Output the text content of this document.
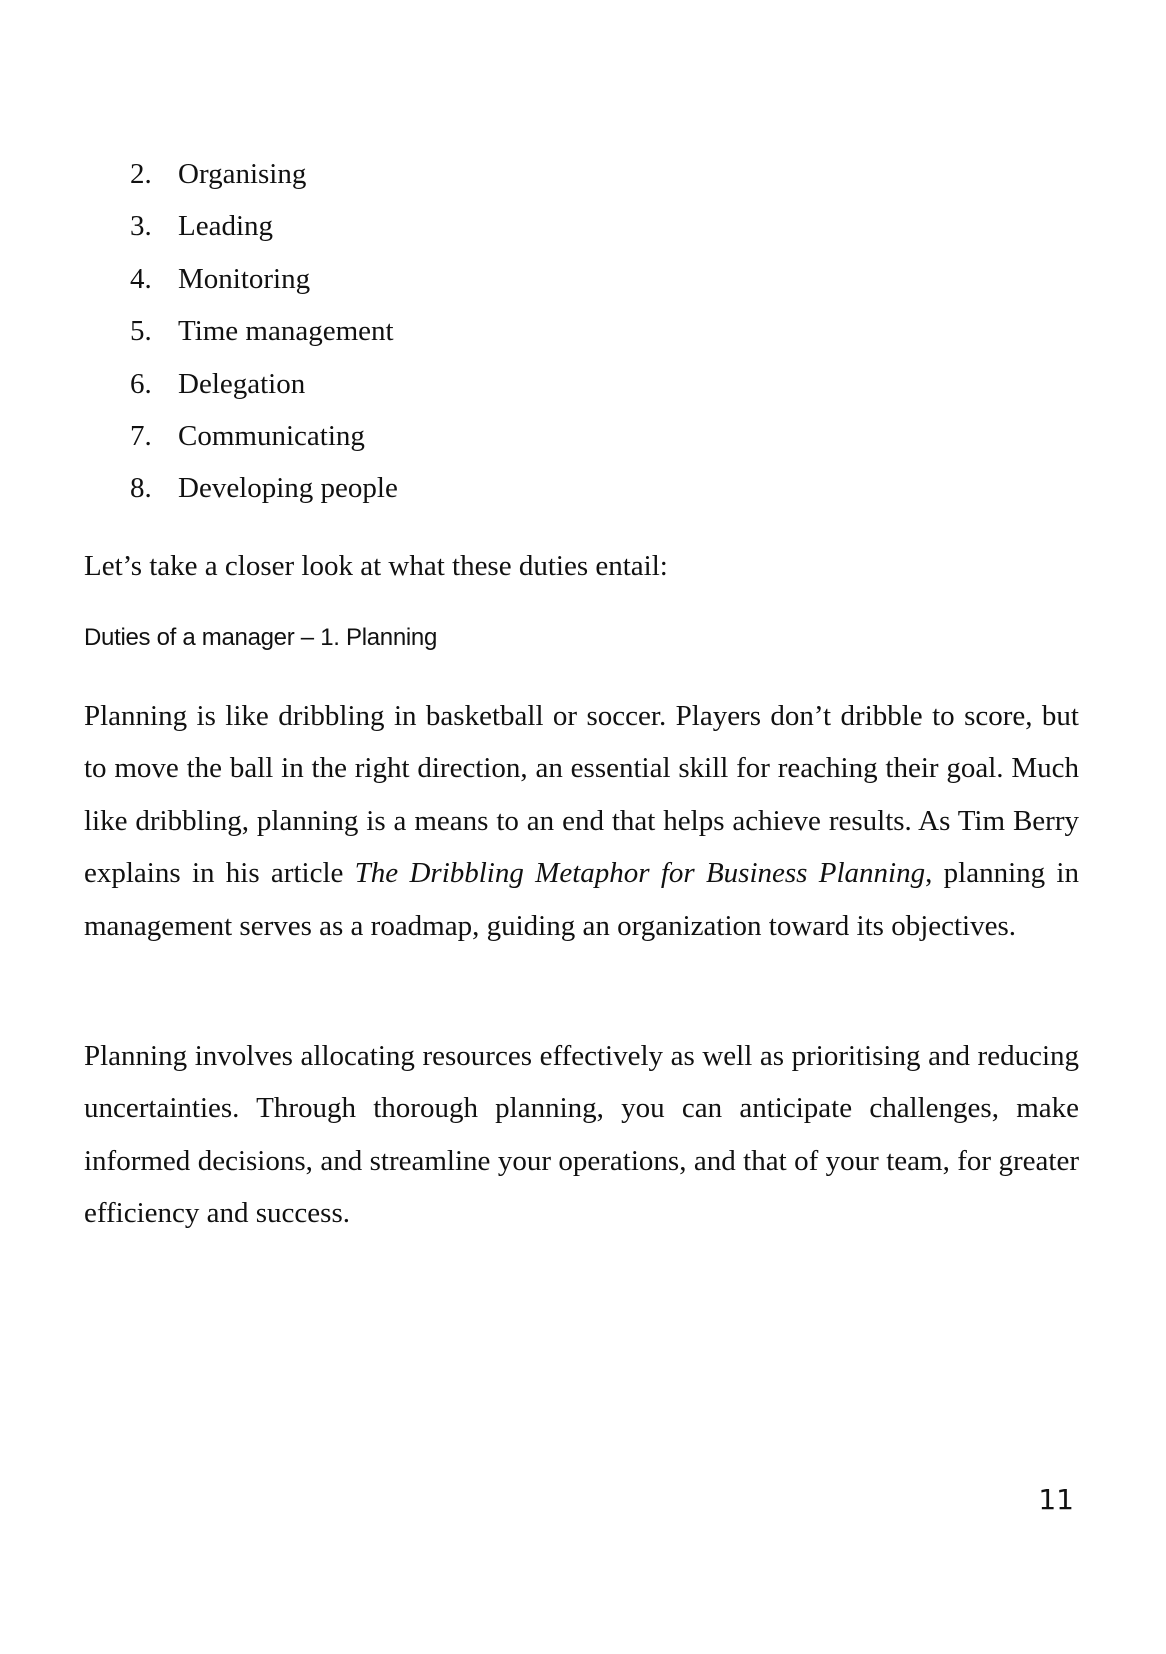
2. Organising
3. Leading
4. Monitoring
5. Time management
6. Delegation
7. Communicating
8. Developing people

Let’s take a closer look at what these duties entail:

Duties of a manager – 1. Planning

Planning is like dribbling in basketball or soccer. Players don’t dribble to score, but to move the ball in the right direction, an essential skill for reaching their goal. Much like dribbling, planning is a means to an end that helps achieve results. As Tim Berry explains in his article The Dribbling Metaphor for Business Planning, planning in management serves as a roadmap, guiding an organization toward its objectives.

Planning involves allocating resources effectively as well as prioritising and reducing uncertainties. Through thorough planning, you can anticipate challenges, make informed decisions, and streamline your operations, and that of your team, for greater efficiency and success.

11
